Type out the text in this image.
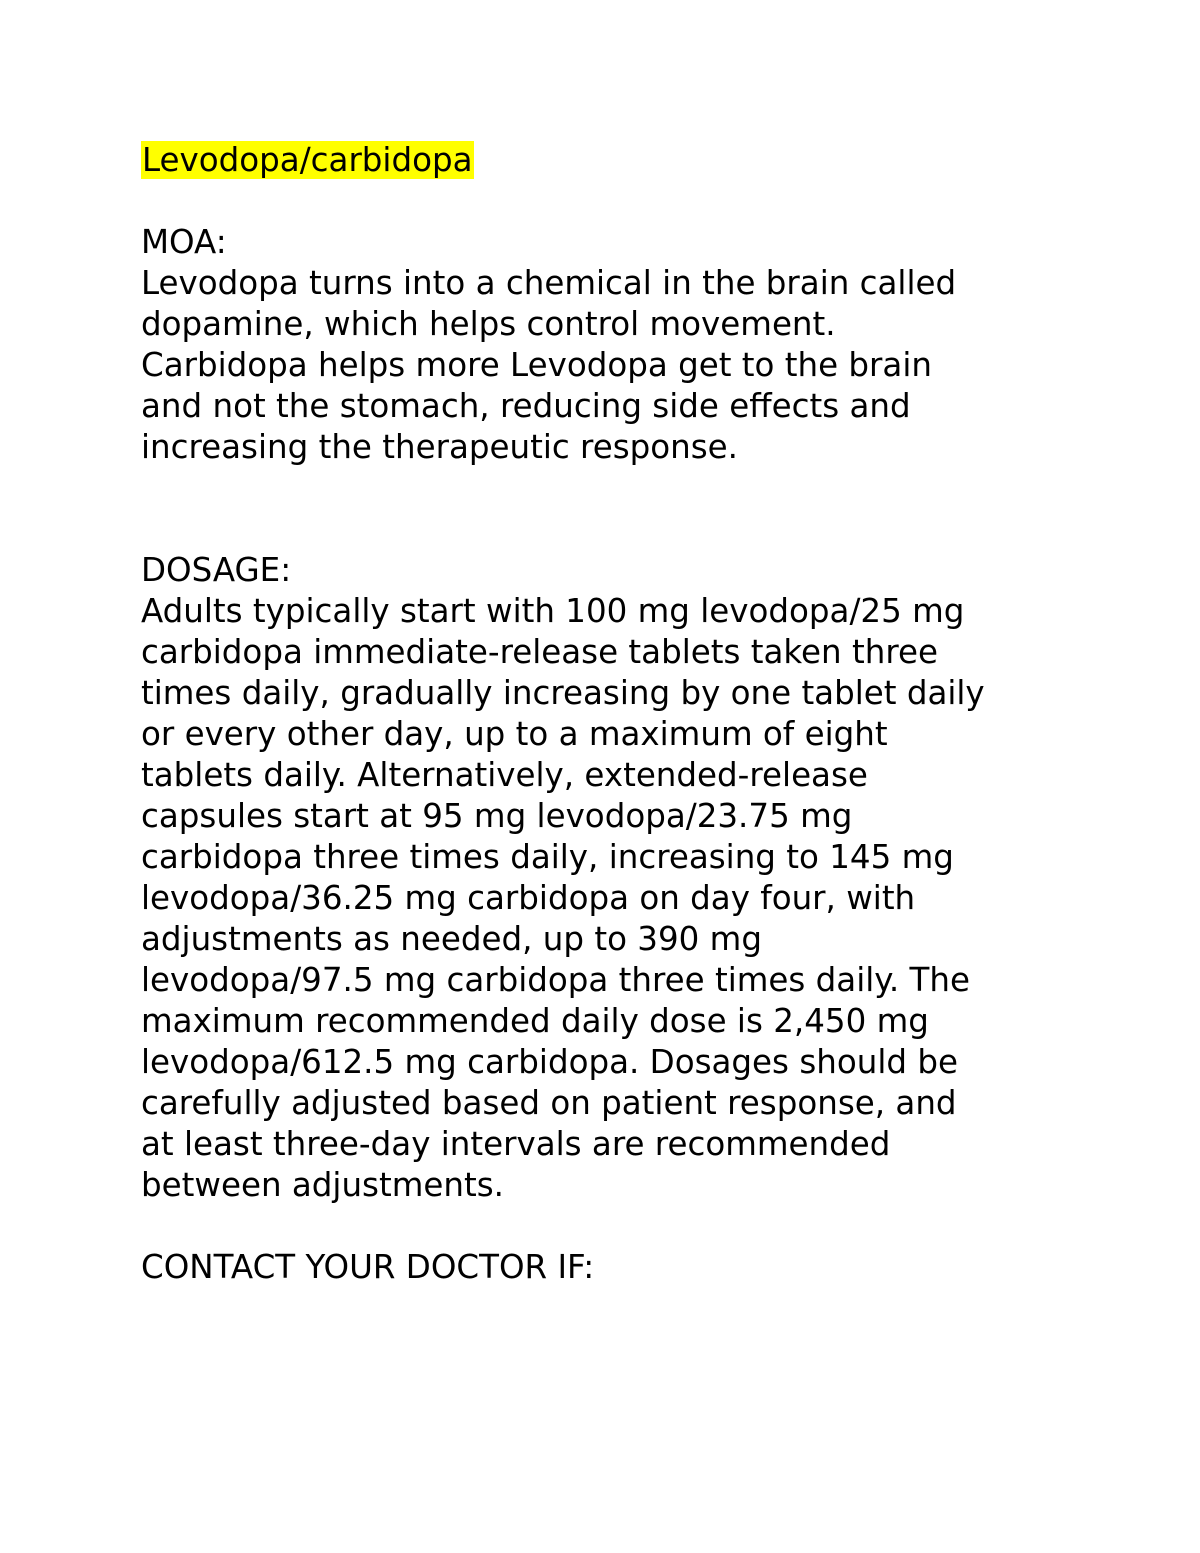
Levodopa/carbidopa

MOA:

Levodopa turns into a chemical in the brain called
dopamine, which helps control movement.
Carbidopa helps more Levodopa get to the brain
and not the stomach, reducing side effects and
increasing the therapeutic response.

DOSAGE:

Adults typically start with 100 mg levodopa/25 mg
carbidopa immediate-release tablets taken three
times daily, gradually increasing by one tablet daily
or every other day, up to a maximum of eight
tablets daily. Alternatively, extended-release
capsules start at 95 mg levodopa/23.75 mg
carbidopa three times daily, increasing to 145 mg
levodopa/36.25 mg carbidopa on day four, with
adjustments as needed, up to 390 mg
levodopa/97.5 mg carbidopa three times daily. The
maximum recommended daily dose is 2,450 mg
levodopa/612.5 mg carbidopa. Dosages should be
carefully adjusted based on patient response, and
at least three-day intervals are recommended
between adjustments.

CONTACT YOUR DOCTOR IF:
